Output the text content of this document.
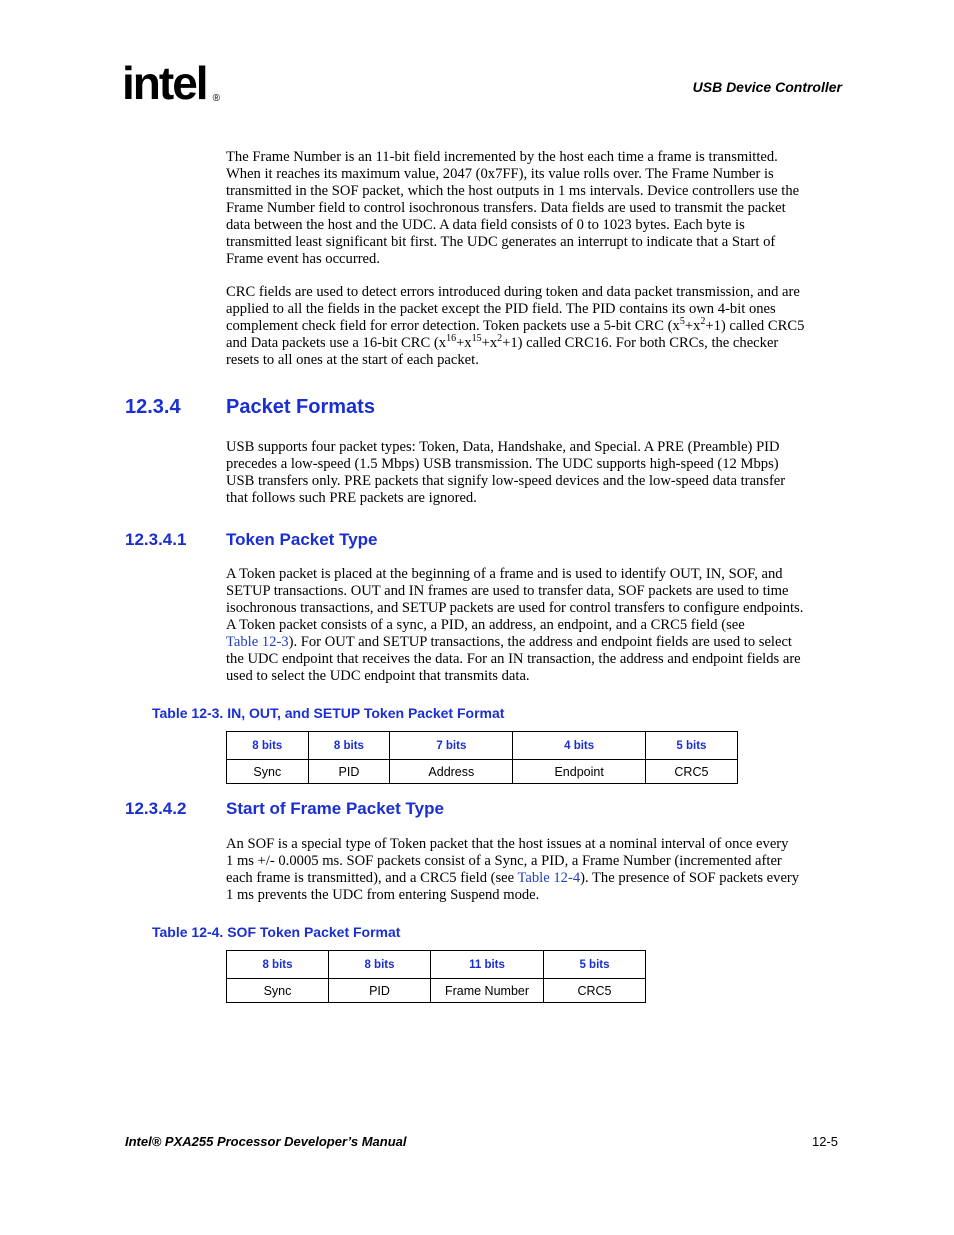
intel ®
USB Device Controller

The Frame Number is an 11-bit field incremented by the host each time a frame is transmitted.
When it reaches its maximum value, 2047 (0x7FF), its value rolls over. The Frame Number is
transmitted in the SOF packet, which the host outputs in 1 ms intervals. Device controllers use the
Frame Number field to control isochronous transfers. Data fields are used to transmit the packet
data between the host and the UDC. A data field consists of 0 to 1023 bytes. Each byte is
transmitted least significant bit first. The UDC generates an interrupt to indicate that a Start of
Frame event has occurred.

CRC fields are used to detect errors introduced during token and data packet transmission, and are
applied to all the fields in the packet except the PID field. The PID contains its own 4-bit ones
complement check field for error detection. Token packets use a 5-bit CRC $(x^5+x^2+1)$ called CRC5
and Data packets use a 16-bit CRC $(x^{16}+x^{15}+x^2+1)$ called CRC16. For both CRCs, the checker
resets to all ones at the start of each packet.

12.3.4 Packet Formats

USB supports four packet types: Token, Data, Handshake, and Special. A PRE (Preamble) PID
precedes a low-speed (1.5 Mbps) USB transmission. The UDC supports high-speed (12 Mbps)
USB transfers only. PRE packets that signify low-speed devices and the low-speed data transfer
that follows such PRE packets are ignored.

12.3.4.1 Token Packet Type

A Token packet is placed at the beginning of a frame and is used to identify OUT, IN, SOF, and
SETUP transactions. OUT and IN frames are used to transfer data, SOF packets are used to time
isochronous transactions, and SETUP packets are used for control transfers to configure endpoints.
A Token packet consists of a sync, a PID, an address, an endpoint, and a CRC5 field (see
Table 12-3). For OUT and SETUP transactions, the address and endpoint fields are used to select
the UDC endpoint that receives the data. For an IN transaction, the address and endpoint fields are
used to select the UDC endpoint that transmits data.

Table 12-3. IN, OUT, and SETUP Token Packet Format
8 bits	8 bits	7 bits	4 bits	5 bits
Sync	PID	Address	Endpoint	CRC5
12.3.4.2 Start of Frame Packet Type

An SOF is a special type of Token packet that the host issues at a nominal interval of once every
1 ms +/- 0.0005 ms. SOF packets consist of a Sync, a PID, a Frame Number (incremented after
each frame is transmitted), and a CRC5 field (see Table 12-4). The presence of SOF packets every
1 ms prevents the UDC from entering Suspend mode.

Table 12-4. SOF Token Packet Format
8 bits	8 bits	11 bits	5 bits
Sync	PID	Frame Number	CRC5
Intel® PXA255 Processor Developer’s Manual	12-5
